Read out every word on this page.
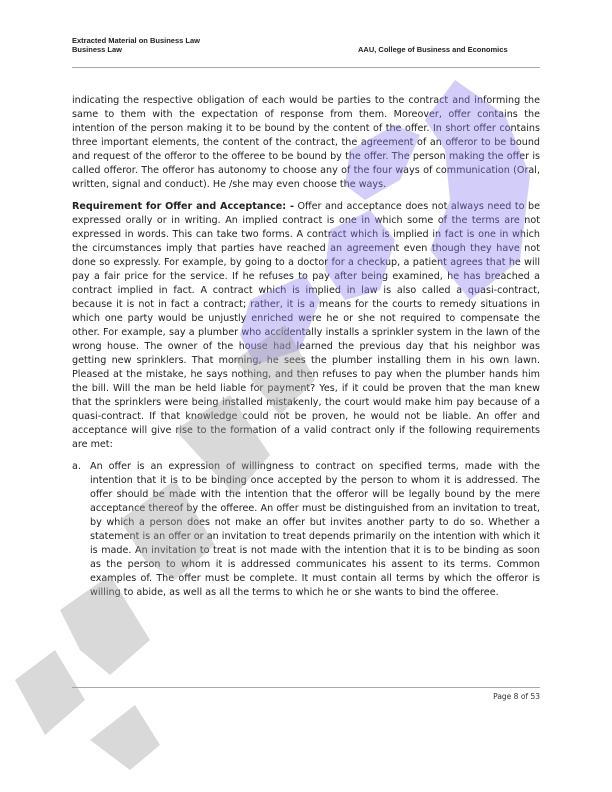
Extracted Material on Business Law
Business Law	AAU, College of Business and Economics

indicating the respective obligation of each would be parties to the contract and informing the same to them with the expectation of response from them. Moreover, offer contains the intention of the person making it to be bound by the content of the offer. In short offer contains three important elements, the content of the contract, the agreement of an offeror to be bound and request of the offeror to the offeree to be bound by the offer. The person making the offer is called offeror. The offeror has autonomy to choose any of the four ways of communication (Oral, written, signal and conduct). He /she may even choose the ways.

Requirement for Offer and Acceptance: - Offer and acceptance does not always need to be expressed orally or in writing. An implied contract is one in which some of the terms are not expressed in words. This can take two forms. A contract which is implied in fact is one in which the circumstances imply that parties have reached an agreement even though they have not done so expressly. For example, by going to a doctor for a checkup, a patient agrees that he will pay a fair price for the service. If he refuses to pay after being examined, he has breached a contract implied in fact. A contract which is implied in law is also called a quasi-contract, because it is not in fact a contract; rather, it is a means for the courts to remedy situations in which one party would be unjustly enriched were he or she not required to compensate the other. For example, say a plumber who accidentally installs a sprinkler system in the lawn of the wrong house. The owner of the house had learned the previous day that his neighbor was getting new sprinklers. That morning, he sees the plumber installing them in his own lawn. Pleased at the mistake, he says nothing, and then refuses to pay when the plumber hands him the bill. Will the man be held liable for payment? Yes, if it could be proven that the man knew that the sprinklers were being installed mistakenly, the court would make him pay because of a quasi-contract. If that knowledge could not be proven, he would not be liable. An offer and acceptance will give rise to the formation of a valid contract only if the following requirements are met:

a. An offer is an expression of willingness to contract on specified terms, made with the intention that it is to be binding once accepted by the person to whom it is addressed. The offer should be made with the intention that the offeror will be legally bound by the mere acceptance thereof by the offeree. An offer must be distinguished from an invitation to treat, by which a person does not make an offer but invites another party to do so. Whether a statement is an offer or an invitation to treat depends primarily on the intention with which it is made. An invitation to treat is not made with the intention that it is to be binding as soon as the person to whom it is addressed communicates his assent to its terms. Common examples of. The offer must be complete. It must contain all terms by which the offeror is willing to abide, as well as all the terms to which he or she wants to bind the offeree.

Page 8 of 53
